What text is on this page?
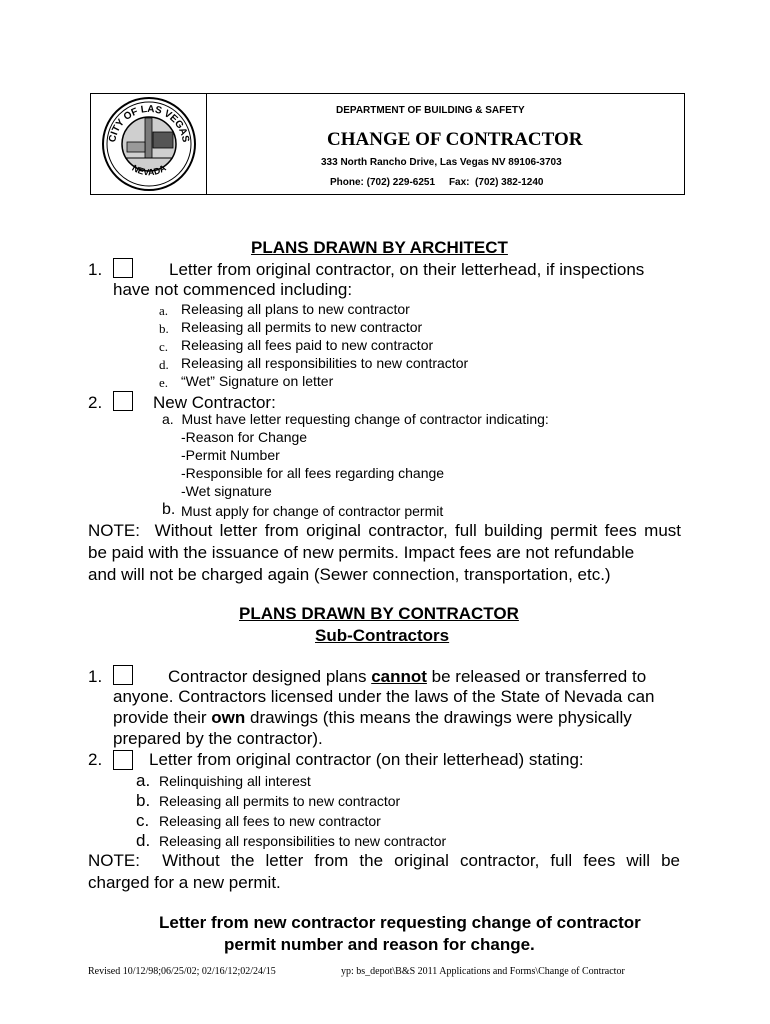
CITY OF LAS VEGAS
NEVADA
DEPARTMENT OF BUILDING & SAFETY
CHANGE OF CONTRACTOR
333 North Rancho Drive, Las Vegas NV 89106-3703
Phone: (702) 229-6251     Fax:  (702) 382-1240
PLANS DRAWN BY ARCHITECT
1.	Letter from original contractor, on their letterhead, if inspections
have not commenced including:
a. Releasing all plans to new contractor
b. Releasing all permits to new contractor
c. Releasing all fees paid to new contractor
d. Releasing all responsibilities to new contractor
e. “Wet” Signature on letter
2.	New Contractor:
a.  Must have letter requesting change of contractor indicating:
-Reason for Change
-Permit Number
-Responsible for all fees regarding change
-Wet signature
b. Must apply for change of contractor permit
NOTE:  Without letter from original contractor, full building permit fees must
be paid with the issuance of new permits. Impact fees are not refundable
and will not be charged again (Sewer connection, transportation, etc.)
PLANS DRAWN BY CONTRACTOR
Sub-Contractors
1.	Contractor designed plans cannot be released or transferred to
anyone. Contractors licensed under the laws of the State of Nevada can
provide their own drawings (this means the drawings were physically
prepared by the contractor).
2.	Letter from original contractor (on their letterhead) stating:
a. Relinquishing all interest
b. Releasing all permits to new contractor
c. Releasing all fees to new contractor
d. Releasing all responsibilities to new contractor
NOTE:  Without the letter from the original contractor, full fees will be
charged for a new permit.
Letter from new contractor requesting change of contractor
permit number and reason for change.
Revised 10/12/98;06/25/02; 02/16/12;02/24/15	yp: bs_depot\B&S 2011 Applications and Forms\Change of Contractor
